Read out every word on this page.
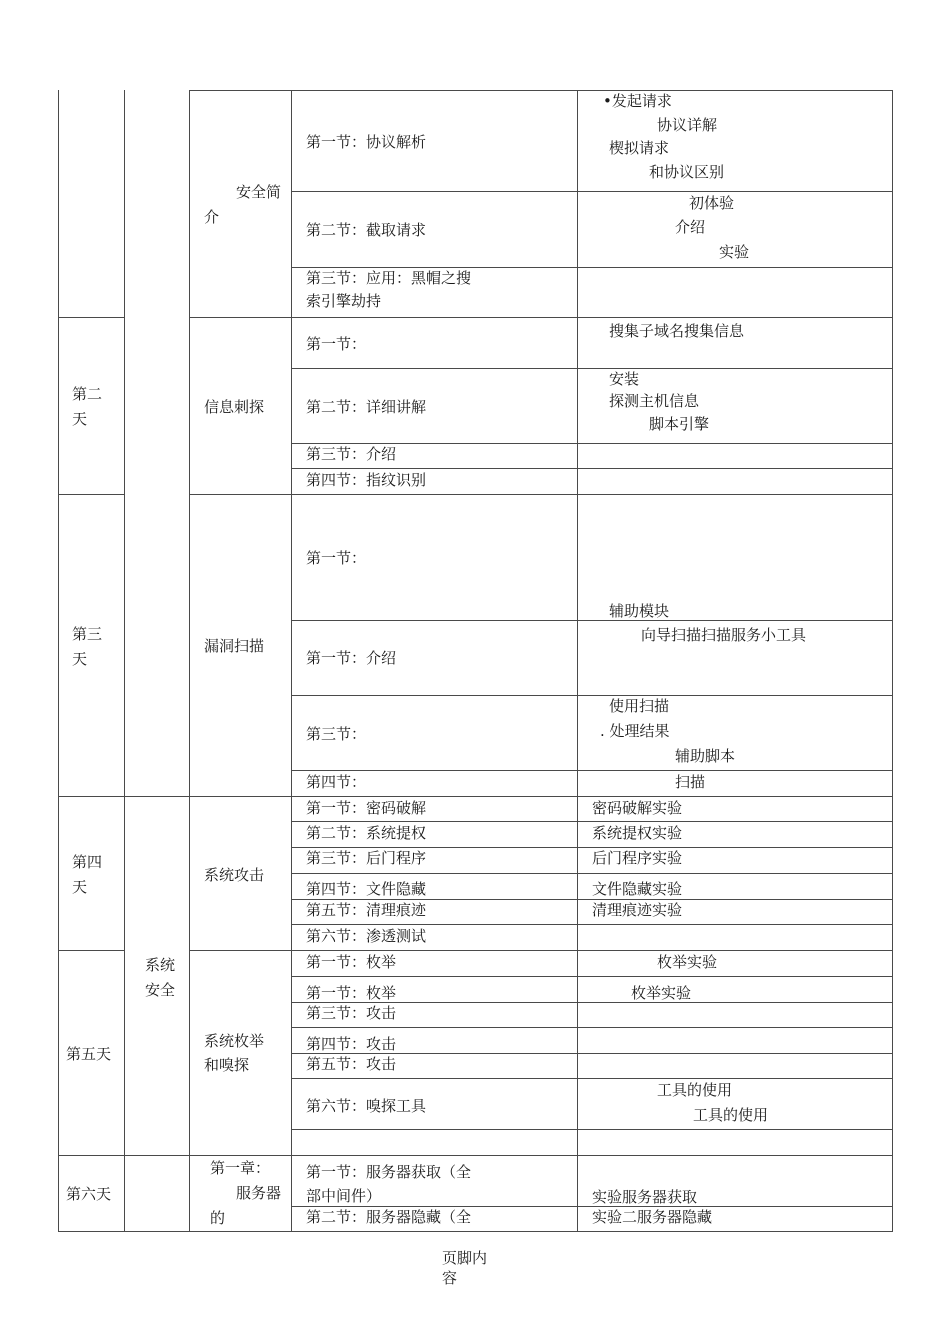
第二
天
第三
天
第四
天
第五天
第六天
系统
安全
安全简
介
信息刺探
漏洞扫描
系统攻击
系统枚举
和嗅探
第一章：
服务器
的
第一节：协议解析
第二节：截取请求
第三节：应用：黑帽之搜
索引擎劫持
第一节：
第二节：详细讲解
第三节：介绍
第四节：指纹识别
第一节：
第一节：介绍
第三节：
第四节：
第一节：密码破解
第二节：系统提权
第三节：后门程序
第四节：文件隐藏
第五节：清理痕迹
第六节：渗透测试
第一节：枚举
第一节：枚举
第三节：攻击
第四节：攻击
第五节：攻击
第六节：嗅探工具
第一节：服务器获取（全
部中间件）
第二节：服务器隐藏（全
•发起请求
协议详解
楔拟请求
和协议区别
初体验
介绍
实验
搜集子域名搜集信息
安装
探测主机信息
脚本引擎
辅助模块
向导扫描扫描服务小工具
使用扫描
. 处理结果
辅助脚本
扫描
密码破解实验
系统提权实验
后门程序实验
文件隐藏实验
清理痕迹实验
枚举实验
枚举实验
工具的使用
工具的使用
实验服务器获取
实验二服务器隐藏
页脚内
容
